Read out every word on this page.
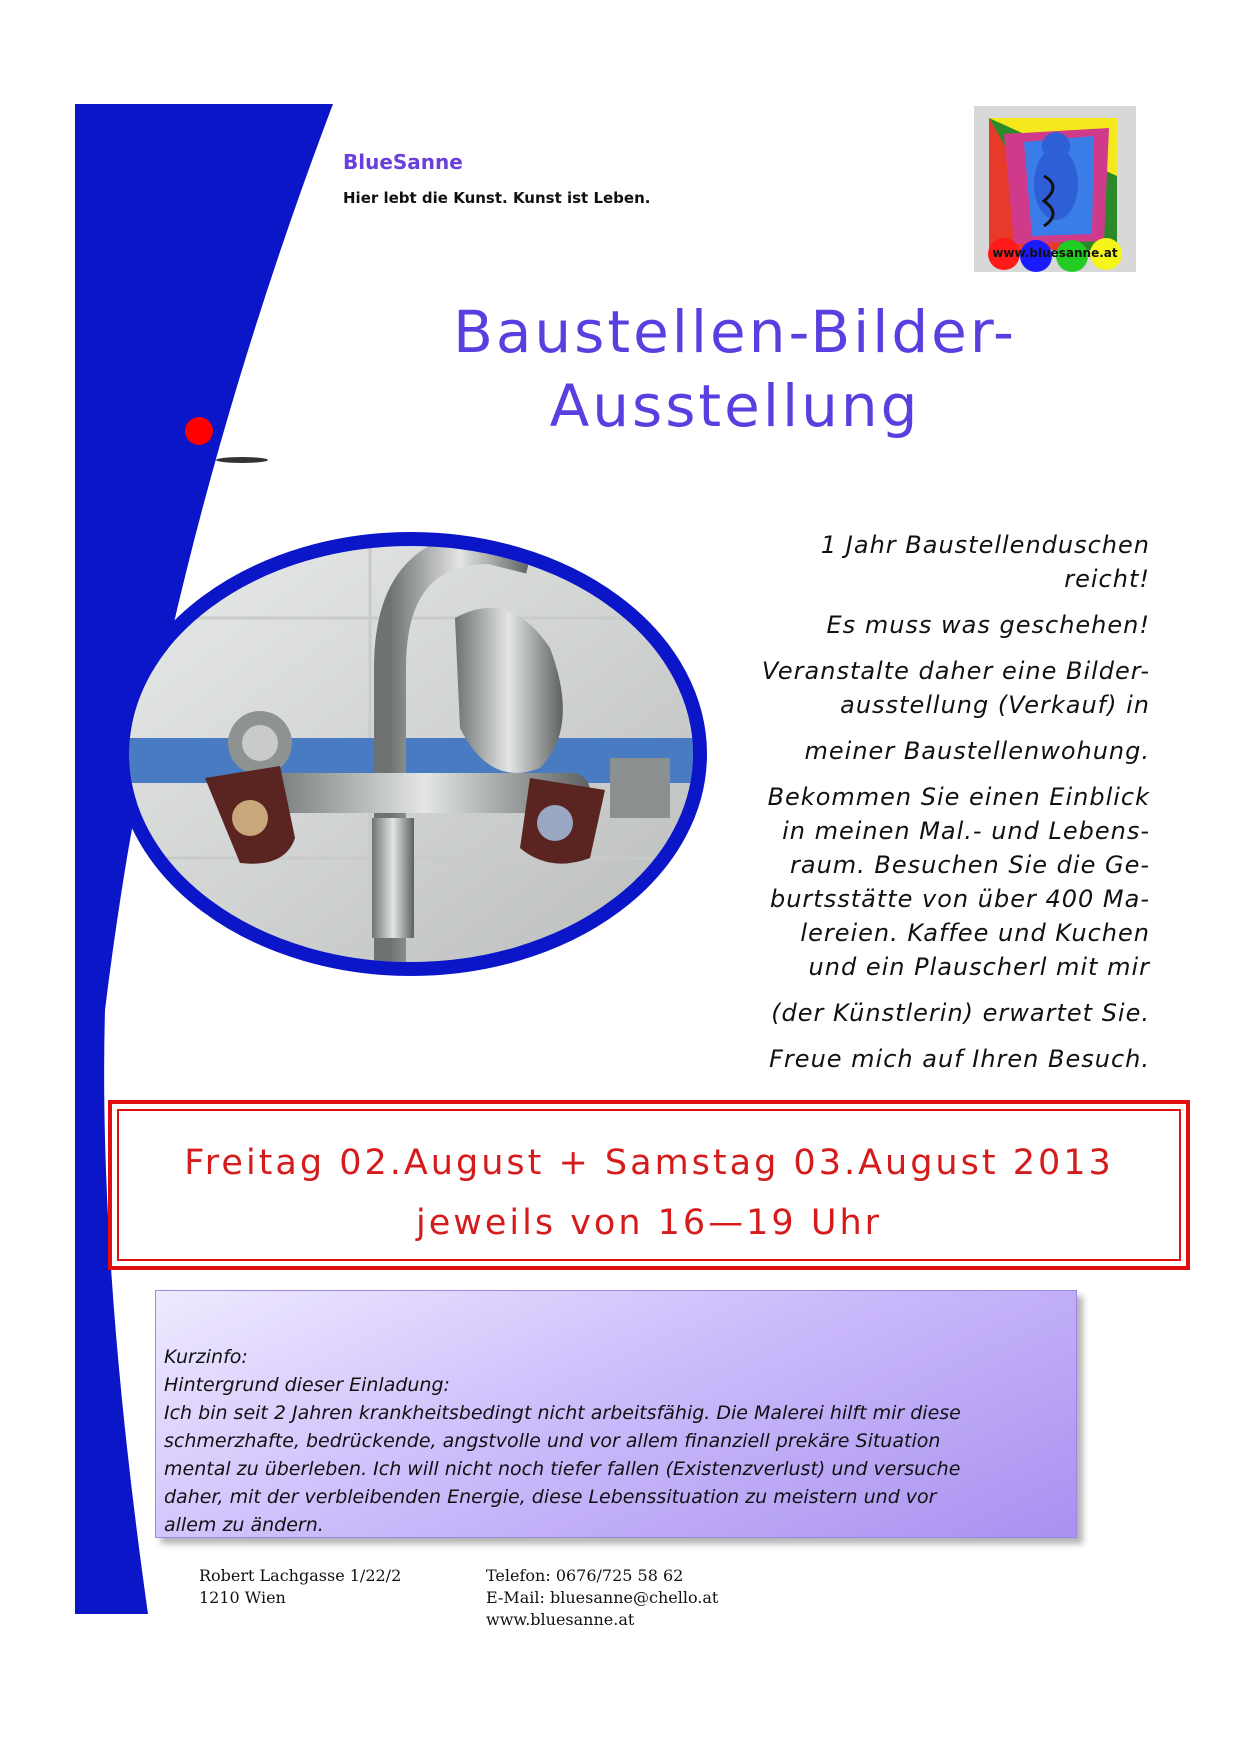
BlueSanne
Hier lebt die Kunst. Kunst ist Leben.
www.bluesanne.at
Baustellen-Bilder-
Ausstellung

1 Jahr Baustellenduschen
reicht!

Es muss was geschehen!

Veranstalte daher eine Bilder-
ausstellung (Verkauf) in

meiner Baustellenwohung.

Bekommen Sie einen Einblick
in meinen Mal.- und Lebens-
raum. Besuchen Sie die Ge-
burtsstätte von über 400 Ma-
lereien. Kaffee und Kuchen
und ein Plauscherl mit mir

(der Künstlerin) erwartet Sie.

Freue mich auf Ihren Besuch.

Freitag 02.August + Samstag 03.August 2013
jeweils von 16—19 Uhr
Kurzinfo:
Hintergrund dieser Einladung:
Ich bin seit 2 Jahren krankheitsbedingt nicht arbeitsfähig. Die Malerei hilft mir diese
schmerzhafte, bedrückende, angstvolle und vor allem finanziell prekäre Situation
mental zu überleben. Ich will nicht noch tiefer fallen (Existenzverlust) und versuche
daher, mit der verbleibenden Energie, diese Lebenssituation zu meistern und vor
allem zu ändern.
Robert Lachgasse 1/22/2
1210 Wien
Telefon: 0676/725 58 62
E-Mail: bluesanne@chello.at
www.bluesanne.at
